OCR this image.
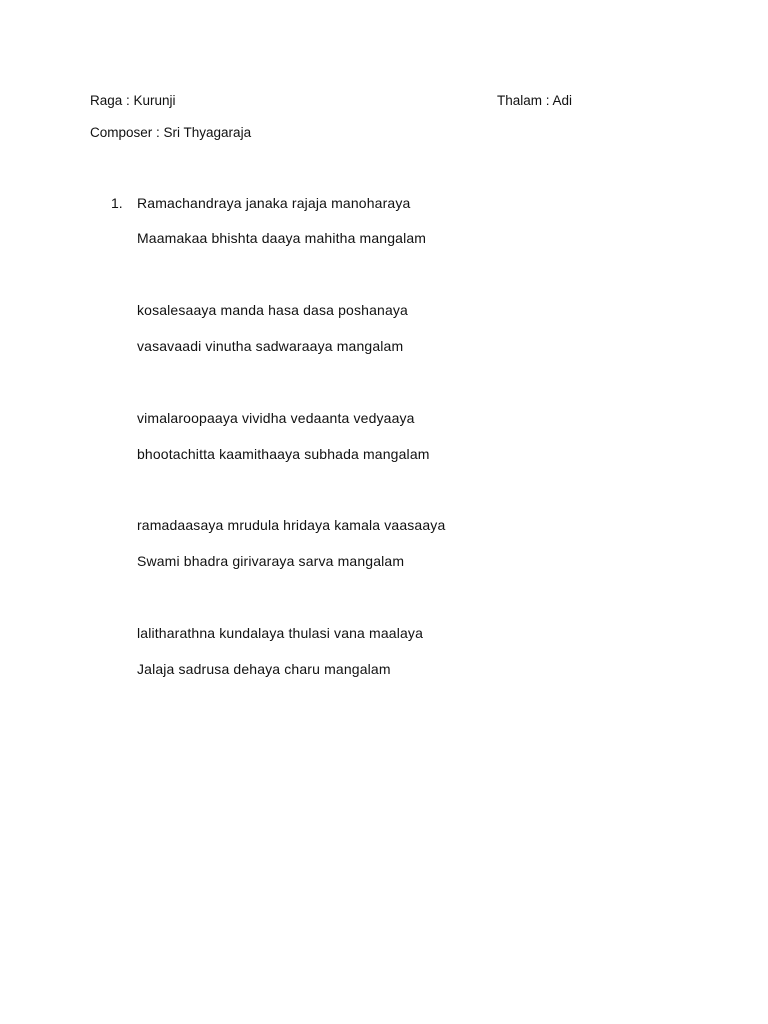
Raga : Kurunji	Thalam : Adi
Composer : Sri Thyagaraja
1. Ramachandraya janaka rajaja manoharaya
Maamakaa bhishta daaya mahitha mangalam
kosalesaaya manda hasa dasa poshanaya
vasavaadi vinutha sadwaraaya mangalam
vimalaroopaaya vividha vedaanta vedyaaya
bhootachitta kaamithaaya subhada mangalam
ramadaasaya mrudula hridaya kamala vaasaaya
Swami bhadra girivaraya sarva mangalam
lalitharathna kundalaya thulasi vana maalaya
Jalaja sadrusa dehaya charu mangalam
